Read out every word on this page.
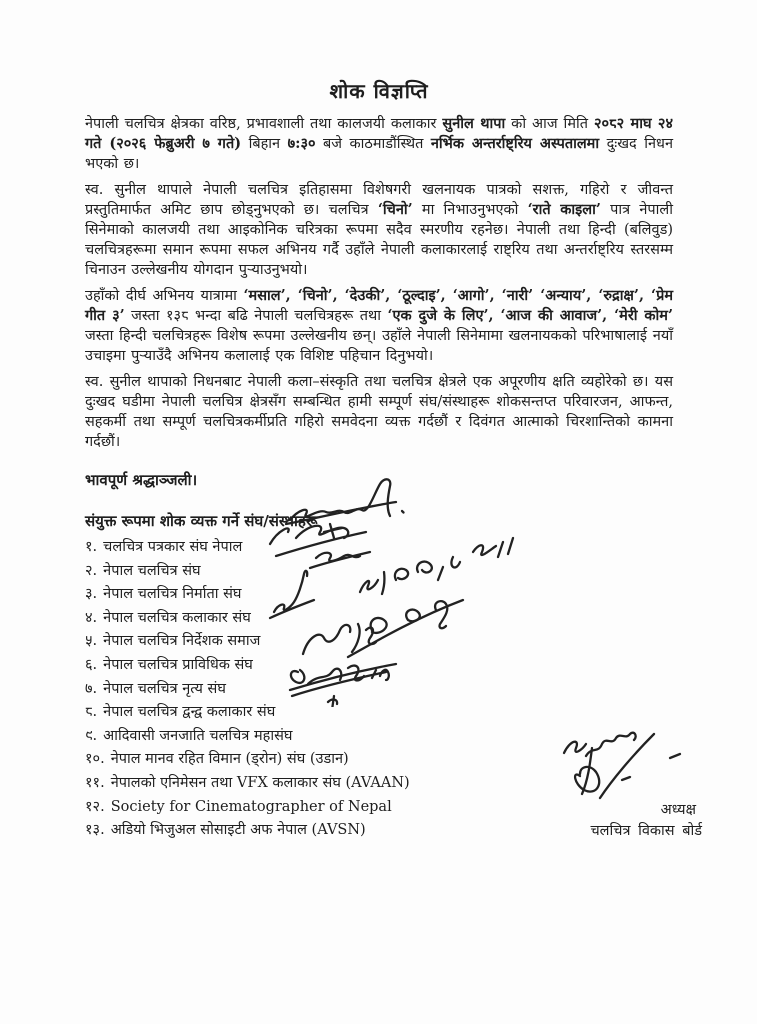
शोक विज्ञप्ति

नेपाली चलचित्र क्षेत्रका वरिष्ठ, प्रभावशाली तथा कालजयी कलाकार सुनील थापा को आज मिति २०८२ माघ २४ गते (२०२६ फेब्रुअरी ७ गते) बिहान ७:३० बजे काठमाडौंस्थित नर्भिक अन्तर्राष्ट्रिय अस्पतालमा दुःखद निधन भएको छ।

स्व. सुनील थापाले नेपाली चलचित्र इतिहासमा विशेषगरी खलनायक पात्रको सशक्त, गहिरो र जीवन्त प्रस्तुतिमार्फत अमिट छाप छोड्नुभएको छ। चलचित्र ‘चिनो’ मा निभाउनुभएको ‘राते काइला’ पात्र नेपाली सिनेमाको कालजयी तथा आइकोनिक चरित्रका रूपमा सदैव स्मरणीय रहनेछ। नेपाली तथा हिन्दी (बलिवुड) चलचित्रहरूमा समान रूपमा सफल अभिनय गर्दै उहाँले नेपाली कलाकारलाई राष्ट्रिय तथा अन्तर्राष्ट्रिय स्तरसम्म चिनाउन उल्लेखनीय योगदान पुर्‍याउनुभयो।

उहाँको दीर्घ अभिनय यात्रामा ‘मसाल’, ‘चिनो’, ‘देउकी’, ‘ठूल्दाइ’, ‘आगो’, ‘नारी’ ‘अन्याय’, ‘रुद्राक्ष’, ‘प्रेम गीत ३’ जस्ता १३८ भन्दा बढि नेपाली चलचित्रहरू तथा ‘एक दुजे के लिए’, ‘आज की आवाज’, ‘मेरी कोम’ जस्ता हिन्दी चलचित्रहरू विशेष रूपमा उल्लेखनीय छन्। उहाँले नेपाली सिनेमामा खलनायकको परिभाषालाई नयाँ उचाइमा पुर्‍याउँदै अभिनय कलालाई एक विशिष्ट पहिचान दिनुभयो।

स्व. सुनील थापाको निधनबाट नेपाली कला–संस्कृति तथा चलचित्र क्षेत्रले एक अपूरणीय क्षति व्यहोरेको छ। यस दुःखद घडीमा नेपाली चलचित्र क्षेत्रसँग सम्बन्धित हामी सम्पूर्ण संघ/संस्थाहरू शोकसन्तप्त परिवारजन, आफन्त, सहकर्मी तथा सम्पूर्ण चलचित्रकर्मीप्रति गहिरो समवेदना व्यक्त गर्दछौं र दिवंगत आत्माको चिरशान्तिको कामना गर्दछौं।

भावपूर्ण श्रद्धाञ्जली।

संयुक्त रूपमा शोक व्यक्त गर्ने संघ/संस्थाहरू

१. चलचित्र पत्रकार संघ नेपाल
२. नेपाल चलचित्र संघ
३. नेपाल चलचित्र निर्माता संघ
४. नेपाल चलचित्र कलाकार संघ
५. नेपाल चलचित्र निर्देशक समाज
६. नेपाल चलचित्र प्राविधिक संघ
७. नेपाल चलचित्र नृत्य संघ
८. नेपाल चलचित्र द्वन्द्व कलाकार संघ
९. आदिवासी जनजाति चलचित्र महासंघ
१०. नेपाल मानव रहित विमान (ड्रोन) संघ (उडान)
११. नेपालको एनिमेसन तथा VFX कलाकार संघ (AVAAN)
१२. Society for Cinematographer of Nepal
१३. अडियो भिजुअल सोसाइटी अफ नेपाल (AVSN)
अध्यक्ष
चलचित्र विकास बोर्ड
